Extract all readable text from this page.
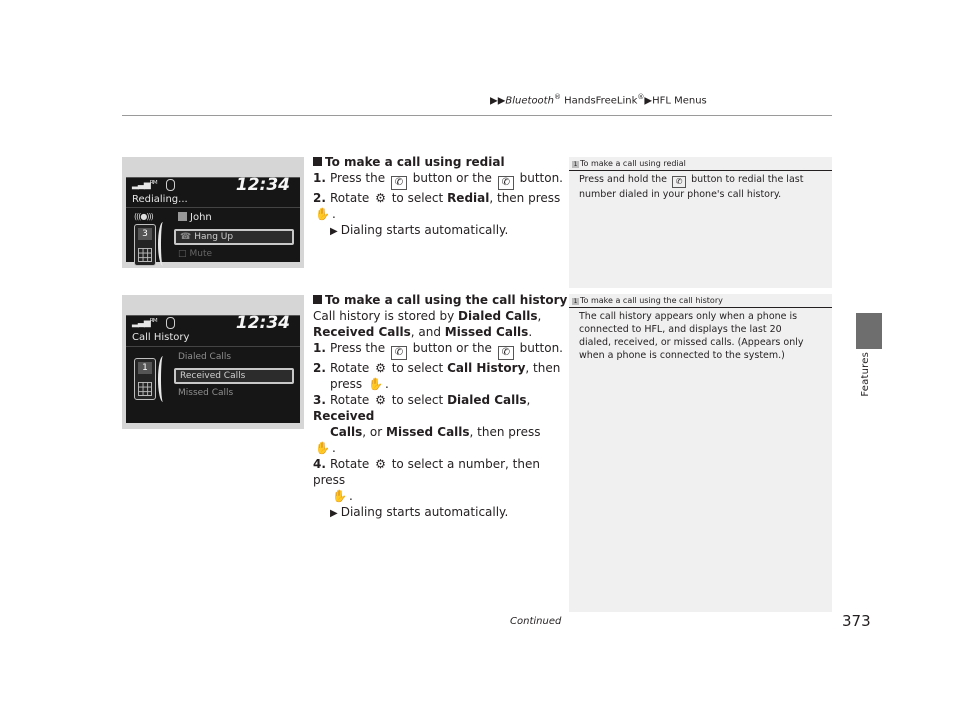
▶▶Bluetooth® HandsFreeLink®▶HFL Menus
Features
▂▃▅ᴿᴹ	12:34
Redialing...
(((●)))
3
John
☎ Hang Up
□ Mute
▂▃▅ᴿᴹ	12:34
Call History
1
Dialed Calls
Received Calls
Missed Calls
To make a call using redial
1. Press the ✆ button or the ✆ button.
2. Rotate ⚙ to select Redial, then press ✋ .
▶ Dialing starts automatically.
To make a call using the call history
Call history is stored by Dialed Calls,
Received Calls, and Missed Calls.
1. Press the ✆ button or the ✆ button.
2. Rotate ⚙ to select Call History, then
press ✋ .
3. Rotate ⚙ to select Dialed Calls, Received
Calls, or Missed Calls, then press ✋ .
4. Rotate ⚙ to select a number, then press
✋ .
▶ Dialing starts automatically.
1 To make a call using redial
Press and hold the ✆ button to redial the last number dialed in your phone's call history.
1 To make a call using the call history
The call history appears only when a phone is connected to HFL, and displays the last 20 dialed, received, or missed calls. (Appears only when a phone is connected to the system.)
Continued	373
